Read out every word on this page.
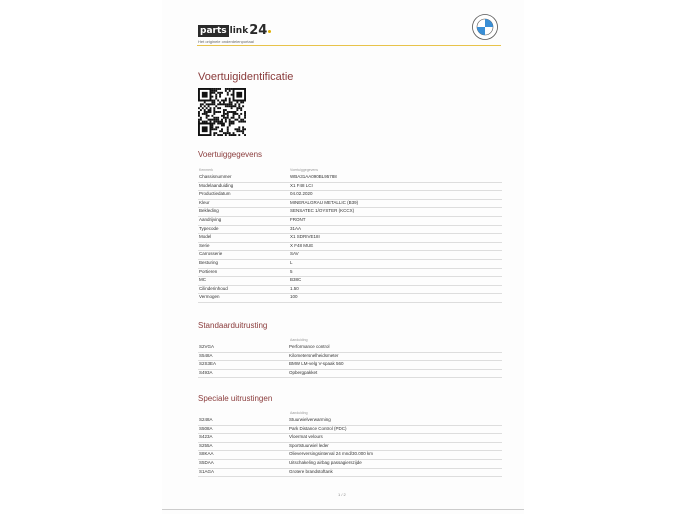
parts link 24
Het originele onderdelenportaal
Voertuigidentificatie
Voertuiggegevens
Kenmerk	Voertuiggegevens
Chassisnummer	WBA31AA090BL95788
Modelaanduiding	X1 F48 LCI
Productiedatum	04.02.2020
Kleur	MINERALGRAU METALLIC (B39)
Bekleding	SENSATEC 1/OYSTER (KCCX)
Aandrijving	FRONT
Typecode	31AA
Model	X1 SDRIVE18I
Serie	X F48 MUE
Carrosserie	SAV
Besturing	L
Portieren	5
MC	B38C
Cilinderinhoud	1.50
Vermogen	100
Standaarduitrusting
Aanduiding
S2VGA	Performance control
S548A	Kilometersnelheidsmeter
S2S3EA	BMW LM-velg V-spaak 560
S493A	Opbergpakket
Speciale uitrustingen
Aanduiding
S248A	Stuurwielverwarming
S508A	Park Distance Control (PDC)
S423A	Vloermat velours
S255A	Sportstuurwiel leder
S8KAA	Olieverversingsinterval 24 mnd/30.000 km
S5DAA	Uitschakeling airbag passagierszijde
S1AGA	Grotere brandstoftank
1 / 2
